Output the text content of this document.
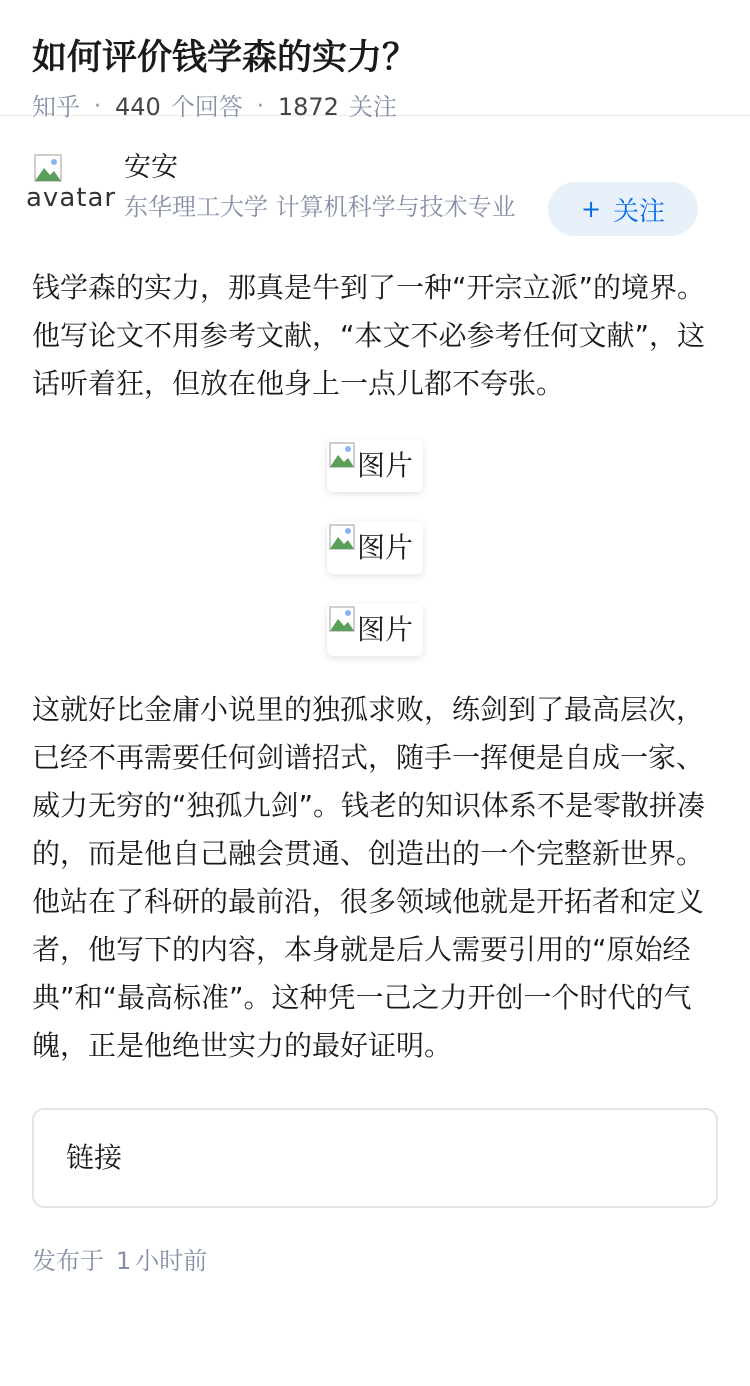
如何评价钱学森的实力？
知乎 · 440 个回答 · 1872 关注
avatar
安安
东华理工大学 计算机科学与技术专业	+ 关注

钱学森的实力，那真是牛到了一种“开宗立派”的境界。他写论文不用参考文献，“本文不必参考任何文献”，这话听着狂，但放在他身上一点儿都不夸张。

图片
图片
图片

这就好比金庸小说里的独孤求败，练剑到了最高层次，已经不再需要任何剑谱招式，随手一挥便是自成一家、威力无穷的“独孤九剑”。钱老的知识体系不是零散拼凑的，而是他自己融会贯通、创造出的一个完整新世界。他站在了科研的最前沿，很多领域他就是开拓者和定义者，他写下的内容，本身就是后人需要引用的“原始经典”和“最高标准”。这种凭一己之力开创一个时代的气魄，正是他绝世实力的最好证明。

链接
发布于 1 小时前
